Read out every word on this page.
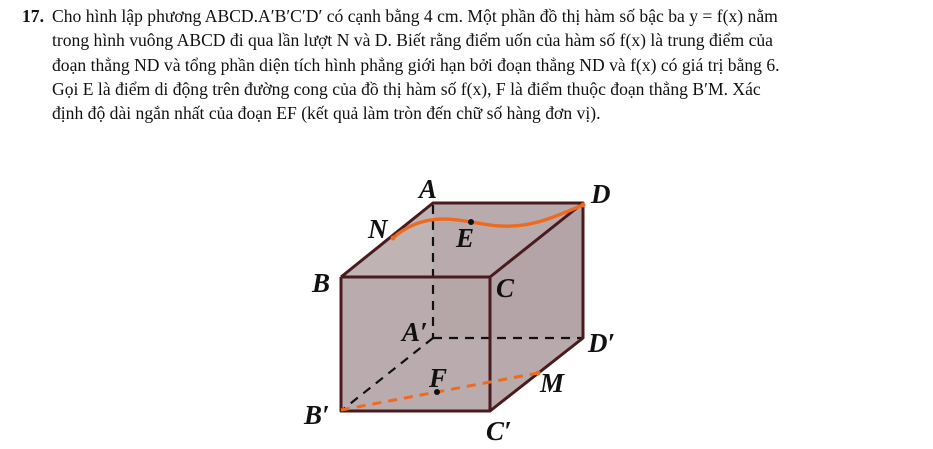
17. Cho hình lập phương ABCD.A′B′C′D′ có cạnh bằng 4 cm. Một phần đồ thị hàm số bậc ba y = f(x) nằm
trong hình vuông ABCD đi qua lần lượt N và D. Biết rằng điểm uốn của hàm số f(x) là trung điểm của
đoạn thẳng ND và tổng phần diện tích hình phẳng giới hạn bởi đoạn thẳng ND và f(x) có giá trị bằng 6.
Gọi E là điểm di động trên đường cong của đồ thị hàm số f(x), F là điểm thuộc đoạn thẳng B′M. Xác
định độ dài ngắn nhất của đoạn EF (kết quả làm tròn đến chữ số hàng đơn vị).
A	D
N	E
B	C
A′	D′
F	M
B′
C′
